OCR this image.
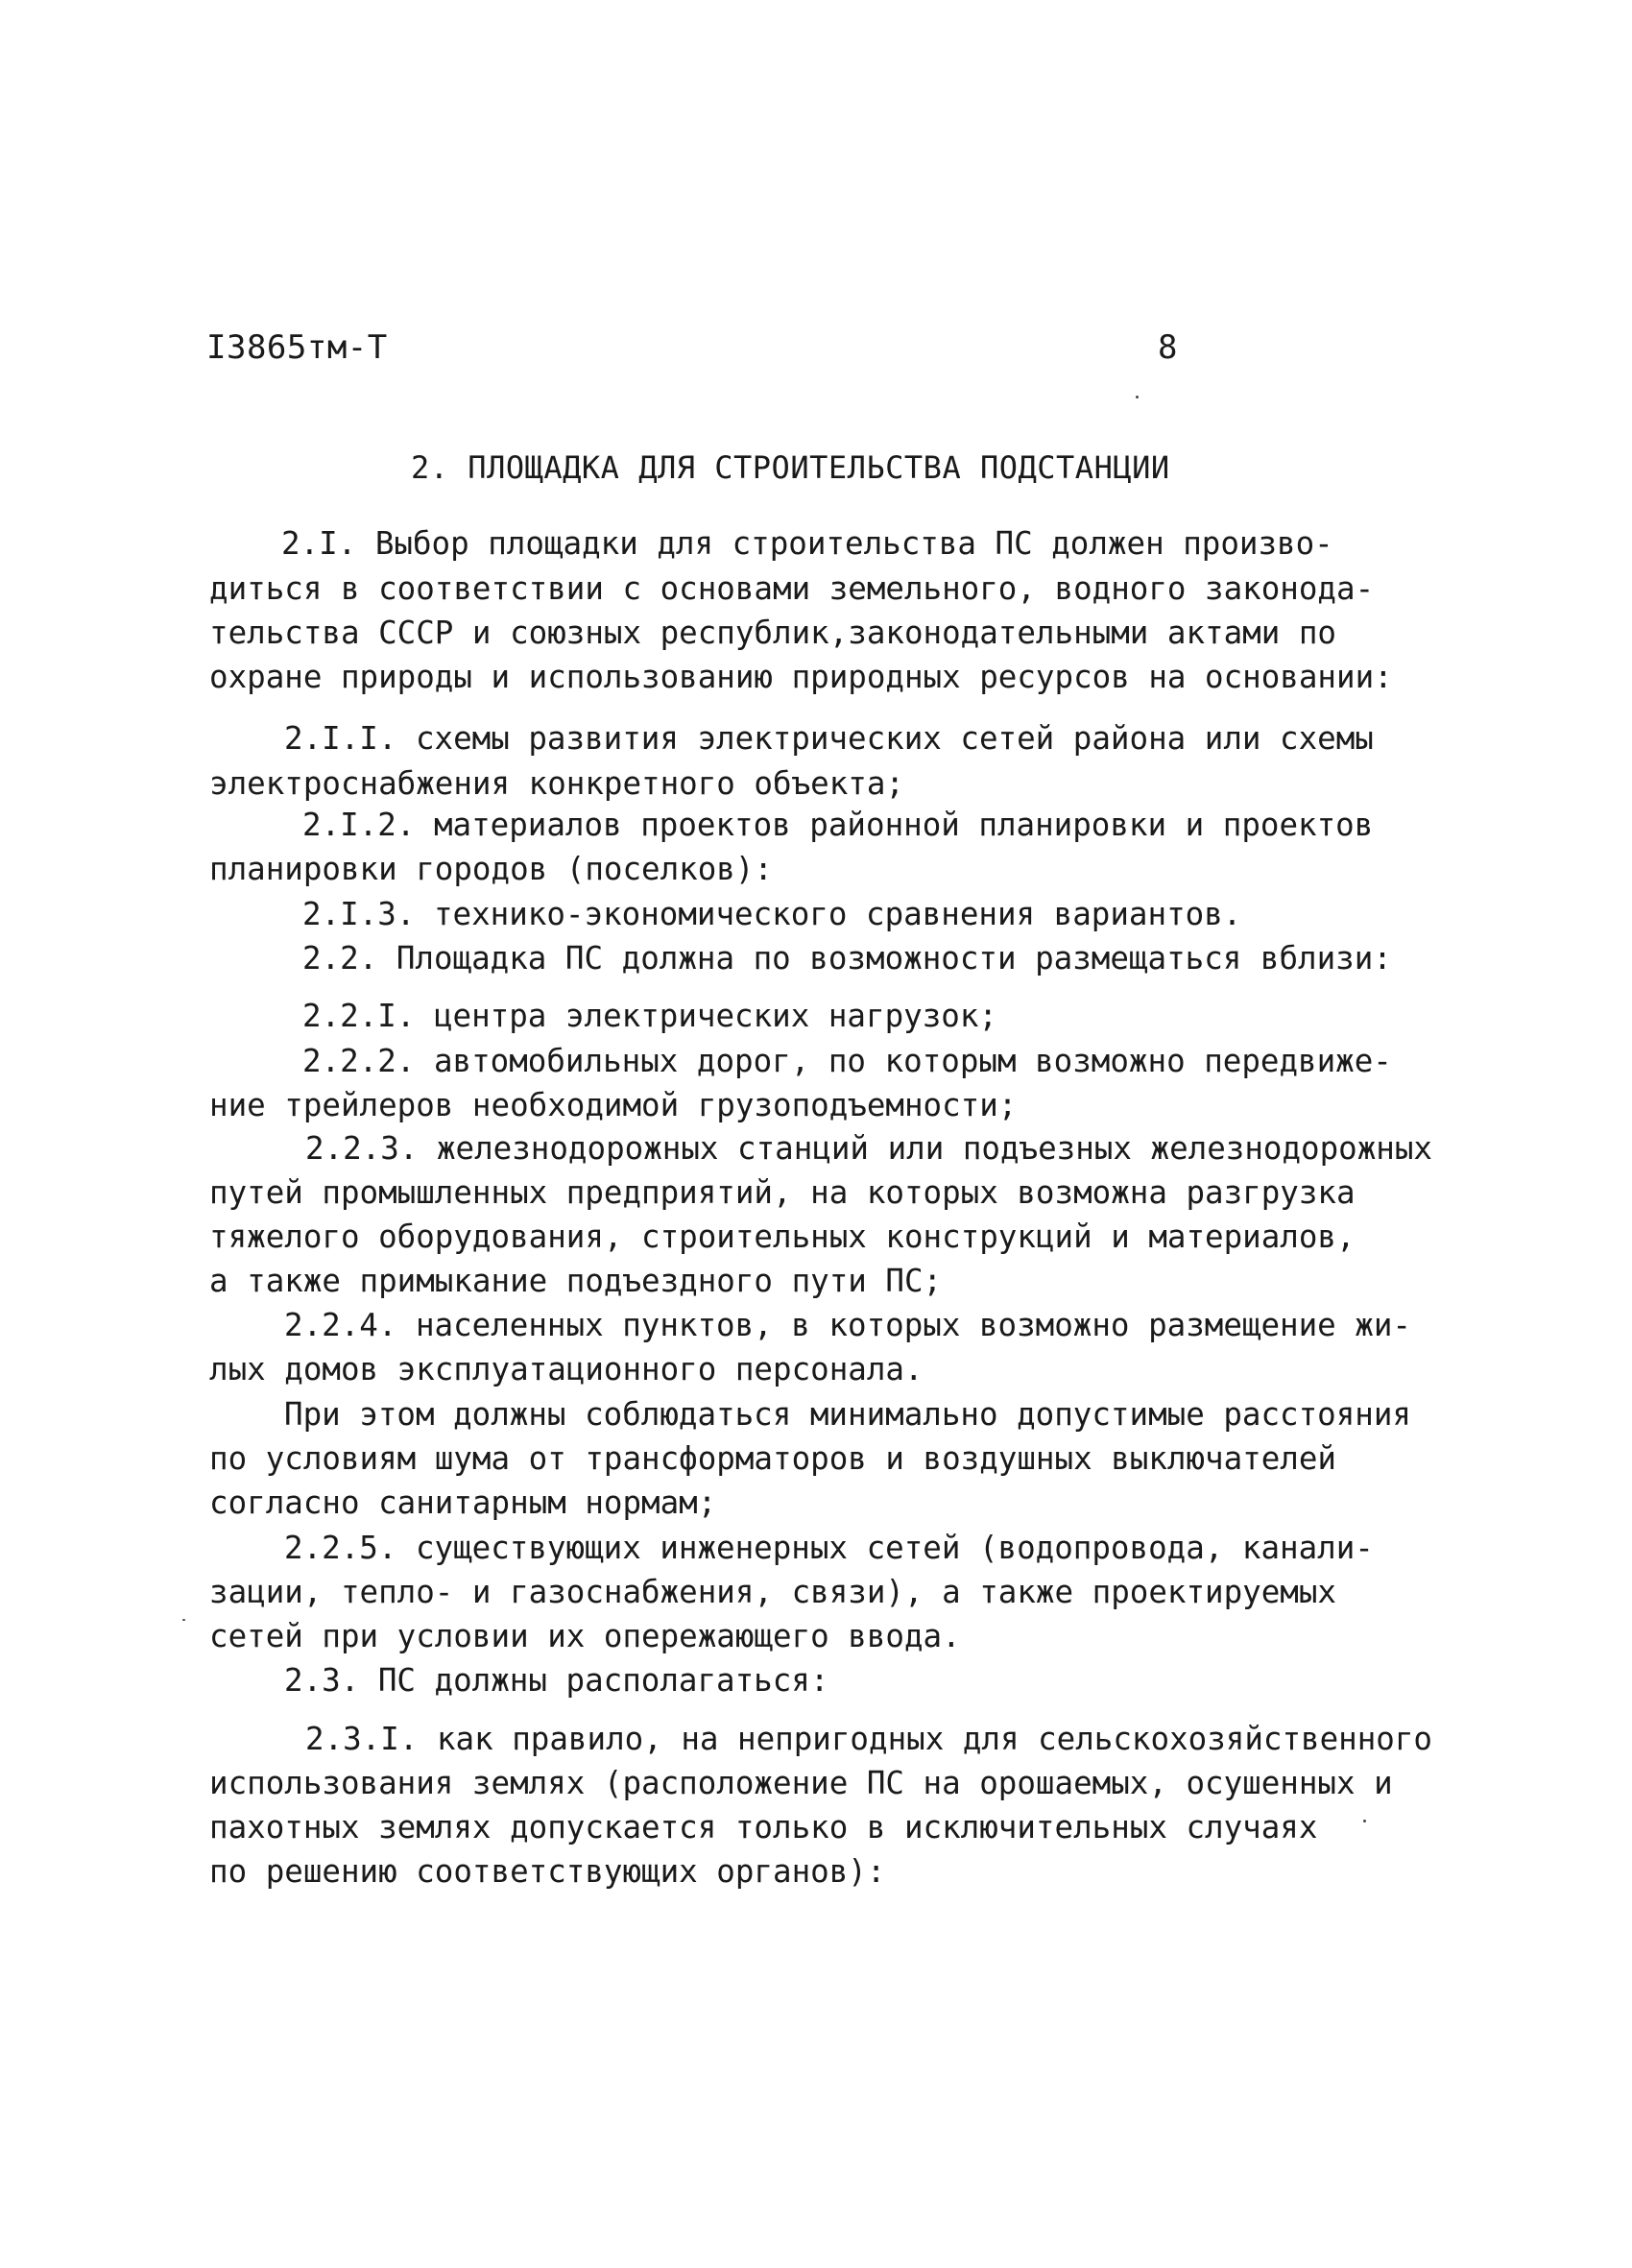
I3865тм-Т	8
2. ПЛОЩАДКА ДЛЯ СТРОИТЕЛЬСТВА ПОДСТАНЦИИ
2.I. Выбор площадки для строительства ПС должен произво-
диться в соответствии с основами земельного, водного законода-
тельства СССР и союзных республик,законодательными актами по
охране природы и использованию природных ресурсов на основании:
2.I.I. схемы развития электрических сетей района или схемы
электроснабжения конкретного объекта;
2.I.2. материалов проектов районной планировки и проектов
планировки городов (поселков):
2.I.3. технико-экономического сравнения вариантов.
2.2. Площадка ПС должна по возможности размещаться вблизи:
2.2.I. центра электрических нагрузок;
2.2.2. автомобильных дорог, по которым возможно передвиже-
ние трейлеров необходимой грузоподъемности;
2.2.3. железнодорожных станций или подъезных железнодорожных
путей промышленных предприятий, на которых возможна разгрузка
тяжелого оборудования, строительных конструкций и материалов,
а также примыкание подъездного пути ПС;
2.2.4. населенных пунктов, в которых возможно размещение жи-
лых домов эксплуатационного персонала.
При этом должны соблюдаться минимально допустимые расстояния
по условиям шума от трансформаторов и воздушных выключателей
согласно санитарным нормам;
2.2.5. существующих инженерных сетей (водопровода, канали-
зации, тепло- и газоснабжения, связи), а также проектируемых
сетей при условии их опережающего ввода.
2.3. ПС должны располагаться:
2.3.I. как правило, на непригодных для сельскохозяйственного
использования землях (расположение ПС на орошаемых, осушенных и
пахотных землях допускается только в исключительных случаях
по решению соответствующих органов):
